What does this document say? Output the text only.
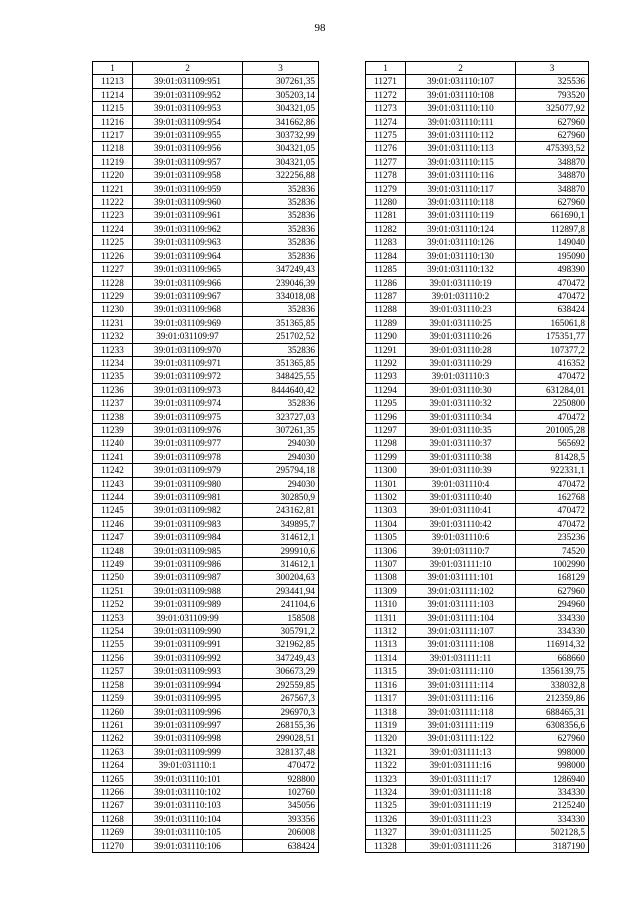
98
1	2	3
11213	39:01:031109:951	307261,35
11214	39:01:031109:952	305203,14
11215	39:01:031109:953	304321,05
11216	39:01:031109:954	341662,86
11217	39:01:031109:955	303732,99
11218	39:01:031109:956	304321,05
11219	39:01:031109:957	304321,05
11220	39:01:031109:958	322256,88
11221	39:01:031109:959	352836
11222	39:01:031109:960	352836
11223	39:01:031109:961	352836
11224	39:01:031109:962	352836
11225	39:01:031109:963	352836
11226	39:01:031109:964	352836
11227	39:01:031109:965	347249,43
11228	39:01:031109:966	239046,39
11229	39:01:031109:967	334018,08
11230	39:01:031109:968	352836
11231	39:01:031109:969	351365,85
11232	39:01:031109:97	251702,52
11233	39:01:031109:970	352836
11234	39:01:031109:971	351365,85
11235	39:01:031109:972	348425,55
11236	39:01:031109:973	8444640,42
11237	39:01:031109:974	352836
11238	39:01:031109:975	323727,03
11239	39:01:031109:976	307261,35
11240	39:01:031109:977	294030
11241	39:01:031109:978	294030
11242	39:01:031109:979	295794,18
11243	39:01:031109:980	294030
11244	39:01:031109:981	302850,9
11245	39:01:031109:982	243162,81
11246	39:01:031109:983	349895,7
11247	39:01:031109:984	314612,1
11248	39:01:031109:985	299910,6
11249	39:01:031109:986	314612,1
11250	39:01:031109:987	300204,63
11251	39:01:031109:988	293441,94
11252	39:01:031109:989	241104,6
11253	39:01:031109:99	158508
11254	39:01:031109:990	305791,2
11255	39:01:031109:991	321962,85
11256	39:01:031109:992	347249,43
11257	39:01:031109:993	306673,29
11258	39:01:031109:994	292559,85
11259	39:01:031109:995	267567,3
11260	39:01:031109:996	296970,3
11261	39:01:031109:997	268155,36
11262	39:01:031109:998	299028,51
11263	39:01:031109:999	328137,48
11264	39:01:031110:1	470472
11265	39:01:031110:101	928800
11266	39:01:031110:102	102760
11267	39:01:031110:103	345056
11268	39:01:031110:104	393356
11269	39:01:031110:105	206008
11270	39:01:031110:106	638424
1	2	3
11271	39:01:031110:107	325536
11272	39:01:031110:108	793520
11273	39:01:031110:110	325077,92
11274	39:01:031110:111	627960
11275	39:01:031110:112	627960
11276	39:01:031110:113	475393,52
11277	39:01:031110:115	348870
11278	39:01:031110:116	348870
11279	39:01:031110:117	348870
11280	39:01:031110:118	627960
11281	39:01:031110:119	661690,1
11282	39:01:031110:124	112897,8
11283	39:01:031110:126	149040
11284	39:01:031110:130	195090
11285	39:01:031110:132	498390
11286	39:01:031110:19	470472
11287	39:01:031110:2	470472
11288	39:01:031110:23	638424
11289	39:01:031110:25	165061,8
11290	39:01:031110:26	175351,77
11291	39:01:031110:28	107377,2
11292	39:01:031110:29	416352
11293	39:01:031110:3	470472
11294	39:01:031110:30	631284,01
11295	39:01:031110:32	2250800
11296	39:01:031110:34	470472
11297	39:01:031110:35	201005,28
11298	39:01:031110:37	565692
11299	39:01:031110:38	81428,5
11300	39:01:031110:39	922331,1
11301	39:01:031110:4	470472
11302	39:01:031110:40	162768
11303	39:01:031110:41	470472
11304	39:01:031110:42	470472
11305	39:01:031110:6	235236
11306	39:01:031110:7	74520
11307	39:01:031111:10	1002990
11308	39:01:031111:101	168129
11309	39:01:031111:102	627960
11310	39:01:031111:103	294960
11311	39:01:031111:104	334330
11312	39:01:031111:107	334330
11313	39:01:031111:108	116914,32
11314	39:01:031111:11	668660
11315	39:01:031111:110	1356139,75
11316	39:01:031111:114	338032,8
11317	39:01:031111:116	212359,86
11318	39:01:031111:118	688465,31
11319	39:01:031111:119	6308356,6
11320	39:01:031111:122	627960
11321	39:01:031111:13	998000
11322	39:01:031111:16	998000
11323	39:01:031111:17	1286940
11324	39:01:031111:18	334330
11325	39:01:031111:19	2125240
11326	39:01:031111:23	334330
11327	39:01:031111:25	502128,5
11328	39:01:031111:26	3187190
